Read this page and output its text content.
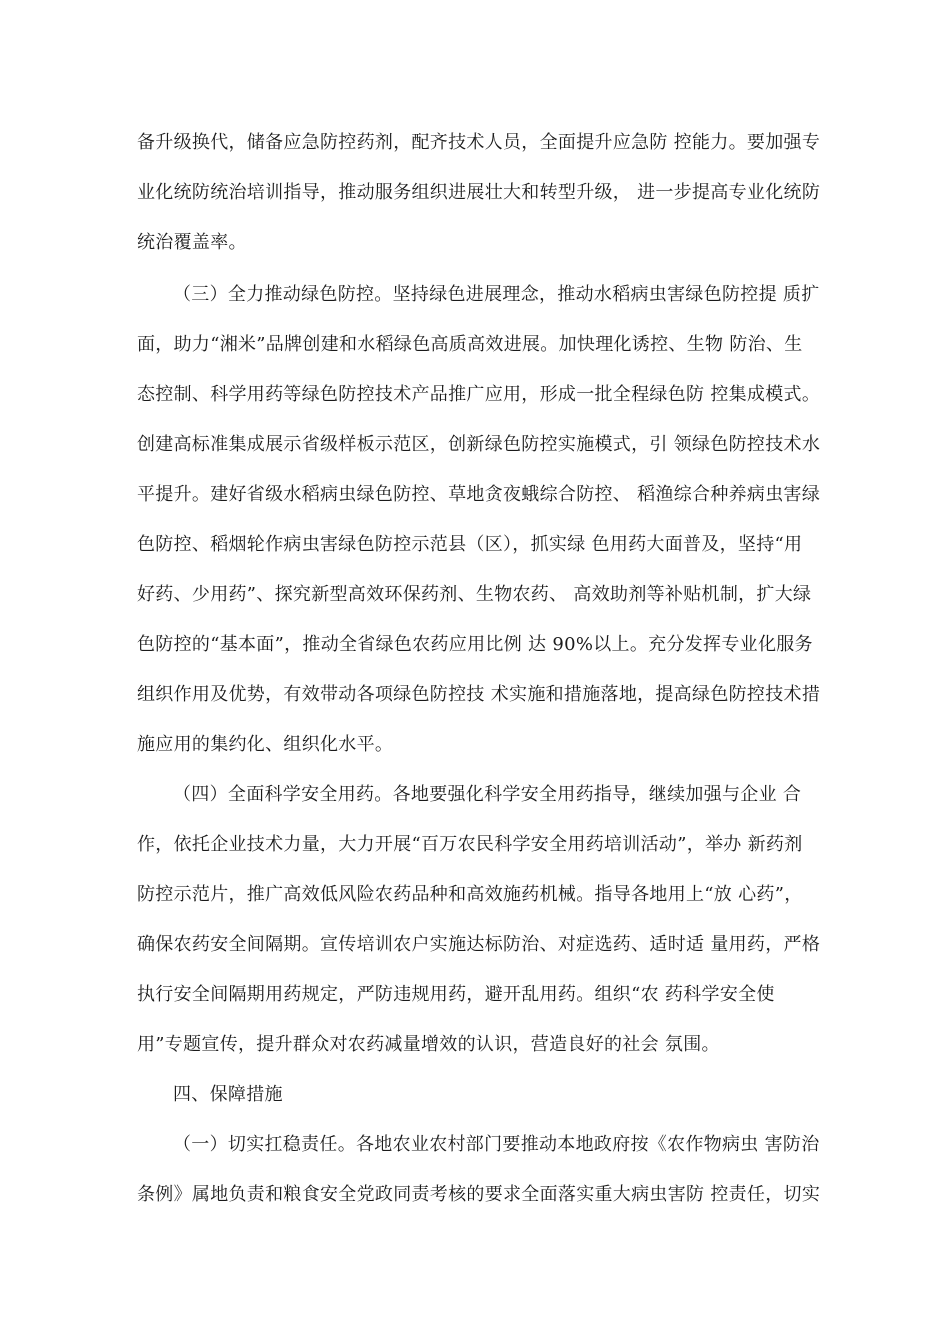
备升级换代，储备应急防控药剂，配齐技术人员，全面提升应急防 控能力。要加强专
业化统防统治培训指导，推动服务组织进展壮大和转型升级， 进一步提高专业化统防
统治覆盖率。
（三）全力推动绿色防控。坚持绿色进展理念，推动水稻病虫害绿色防控提 质扩
面，助力“湘米”品牌创建和水稻绿色高质高效进展。加快理化诱控、生物 防治、生
态控制、科学用药等绿色防控技术产品推广应用，形成一批全程绿色防 控集成模式。
创建高标准集成展示省级样板示范区，创新绿色防控实施模式，引 领绿色防控技术水
平提升。建好省级水稻病虫绿色防控、草地贪夜蛾综合防控、 稻渔综合种养病虫害绿
色防控、稻烟轮作病虫害绿色防控示范县（区），抓实绿 色用药大面普及，坚持“用
好药、少用药”、探究新型高效环保药剂、生物农药、 高效助剂等补贴机制，扩大绿
色防控的“基本面”，推动全省绿色农药应用比例 达 90%以上。充分发挥专业化服务
组织作用及优势，有效带动各项绿色防控技 术实施和措施落地，提高绿色防控技术措
施应用的集约化、组织化水平。
（四）全面科学安全用药。各地要强化科学安全用药指导，继续加强与企业 合
作，依托企业技术力量，大力开展“百万农民科学安全用药培训活动”，举办 新药剂
防控示范片，推广高效低风险农药品种和高效施药机械。指导各地用上“放 心药”，
确保农药安全间隔期。宣传培训农户实施达标防治、对症选药、适时适 量用药，严格
执行安全间隔期用药规定，严防违规用药，避开乱用药。组织“农 药科学安全使
用”专题宣传，提升群众对农药减量增效的认识，营造良好的社会 氛围。
四、保障措施
（一）切实扛稳责任。各地农业农村部门要推动本地政府按《农作物病虫 害防治
条例》属地负责和粮食安全党政同责考核的要求全面落实重大病虫害防 控责任，切实
